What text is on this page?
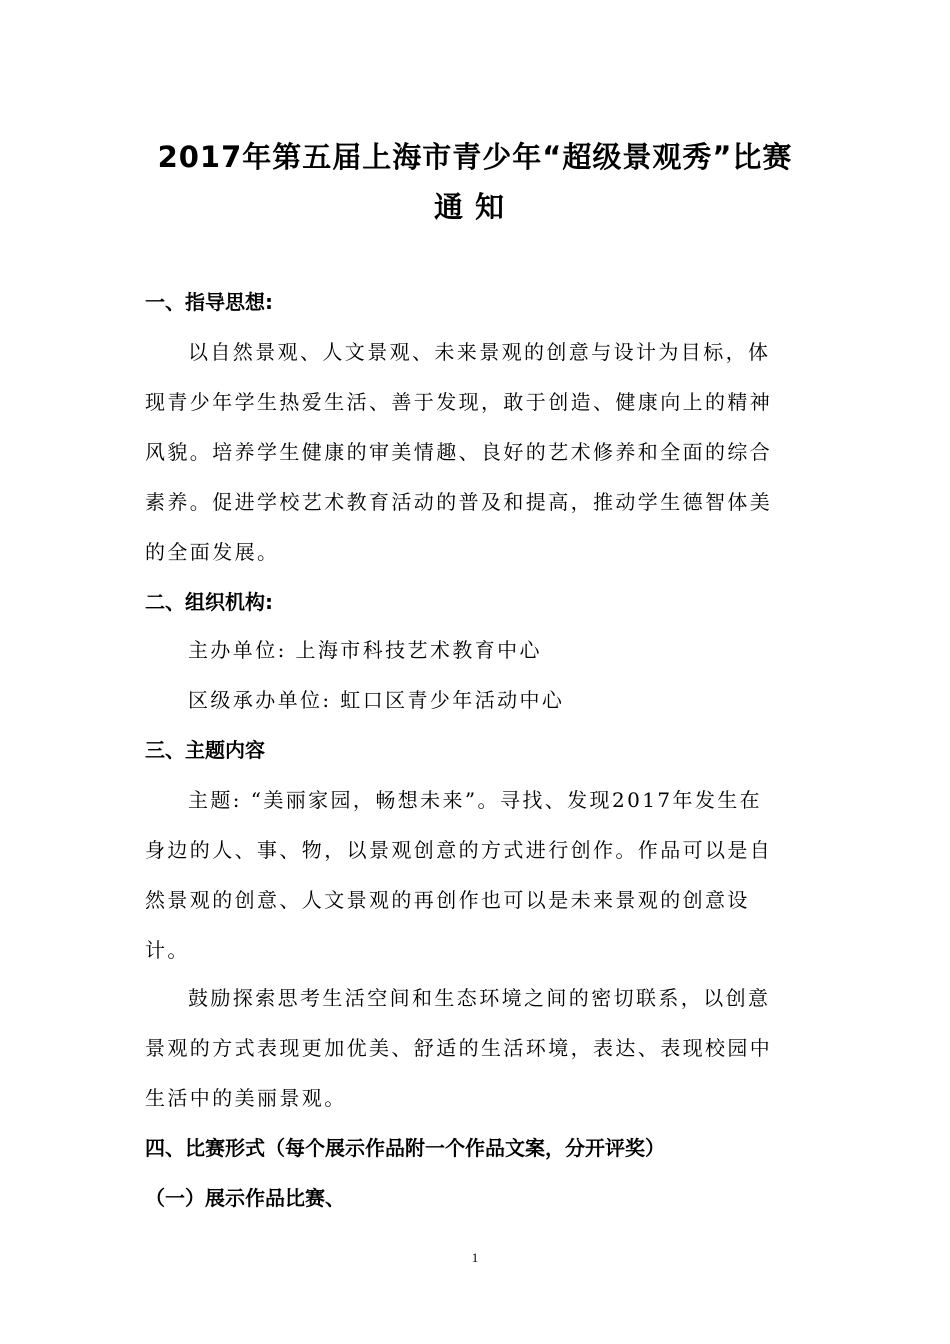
2017年第五届上海市青少年“超级景观秀”比赛
通知
一、指导思想:
以自然景观、人文景观、未来景观的创意与设计为目标，体
现青少年学生热爱生活、善于发现，敢于创造、健康向上的精神
风貌。培养学生健康的审美情趣、良好的艺术修养和全面的综合
素养。促进学校艺术教育活动的普及和提高，推动学生德智体美
的全面发展。
二、组织机构:
主办单位: 上海市科技艺术教育中心
区级承办单位: 虹口区青少年活动中心
三、主题内容
主题: “美丽家园，畅想未来”。寻找、发现2017年发生在
身边的人、事、物，以景观创意的方式进行创作。作品可以是自
然景观的创意、人文景观的再创作也可以是未来景观的创意设
计。
鼓励探索思考生活空间和生态环境之间的密切联系，以创意
景观的方式表现更加优美、舒适的生活环境，表达、表现校园中
生活中的美丽景观。
四、比赛形式（每个展示作品附一个作品文案，分开评奖）
（一）展示作品比赛、
1
